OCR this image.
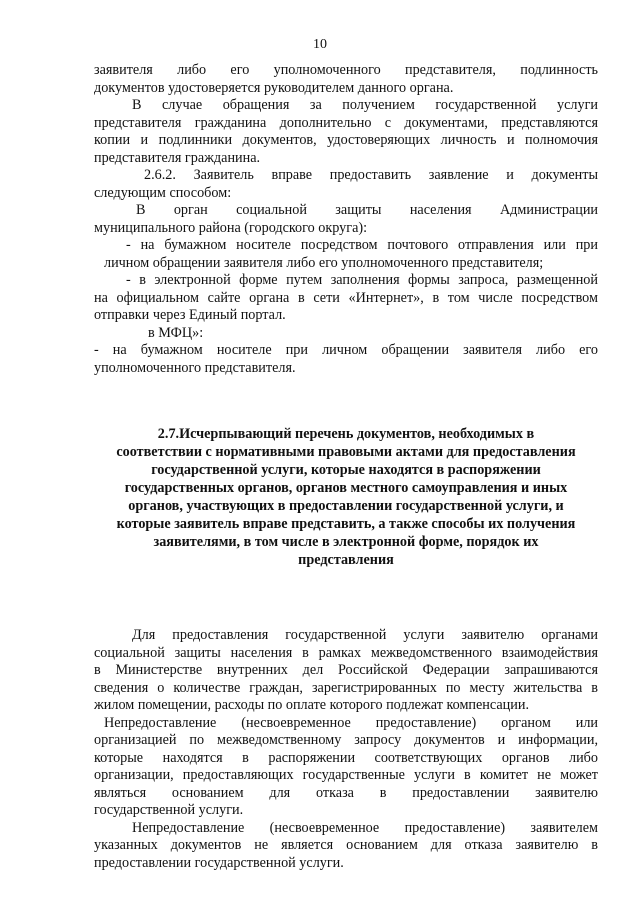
10
заявителя либо его уполномоченного представителя, подлинность
документов удостоверяется руководителем данного органа.
В случае обращения за получением государственной услуги
представителя гражданина дополнительно с документами, представляются
копии и подлинники документов, удостоверяющих личность и полномочия
представителя гражданина.
2.6.2. Заявитель вправе предоставить заявление и документы
следующим способом:
В орган социальной защиты населения Администрации
муниципального района (городского округа):
- на бумажном носителе посредством почтового отправления или при
личном обращении заявителя либо его уполномоченного представителя;
- в электронной форме путем заполнения формы запроса, размещенной
на официальном сайте органа в сети «Интернет», в том числе посредством
отправки через Единый портал.
в МФЦ»:
- на бумажном носителе при личном обращении заявителя либо его
уполномоченного представителя.
2.7.Исчерпывающий перечень документов, необходимых в
соответствии с нормативными правовыми актами для предоставления
государственной услуги, которые находятся в распоряжении
государственных органов, органов местного самоуправления и иных
органов, участвующих в предоставлении государственной услуги, и
которые заявитель вправе представить, а также способы их получения
заявителями, в том числе в электронной форме, порядок их
представления
Для предоставления государственной услуги заявителю органами
социальной защиты населения в рамках межведомственного взаимодействия
в Министерстве внутренних дел Российской Федерации запрашиваются
сведения о количестве граждан, зарегистрированных по месту жительства в
жилом помещении, расходы по оплате которого подлежат компенсации.
Непредоставление (несвоевременное предоставление) органом или
организацией по межведомственному запросу документов и информации,
которые находятся в распоряжении соответствующих органов либо
организации, предоставляющих государственные услуги в комитет не может
являться основанием для отказа в предоставлении заявителю
государственной услуги.
Непредоставление (несвоевременное предоставление) заявителем
указанных документов не является основанием для отказа заявителю в
предоставлении государственной услуги.
